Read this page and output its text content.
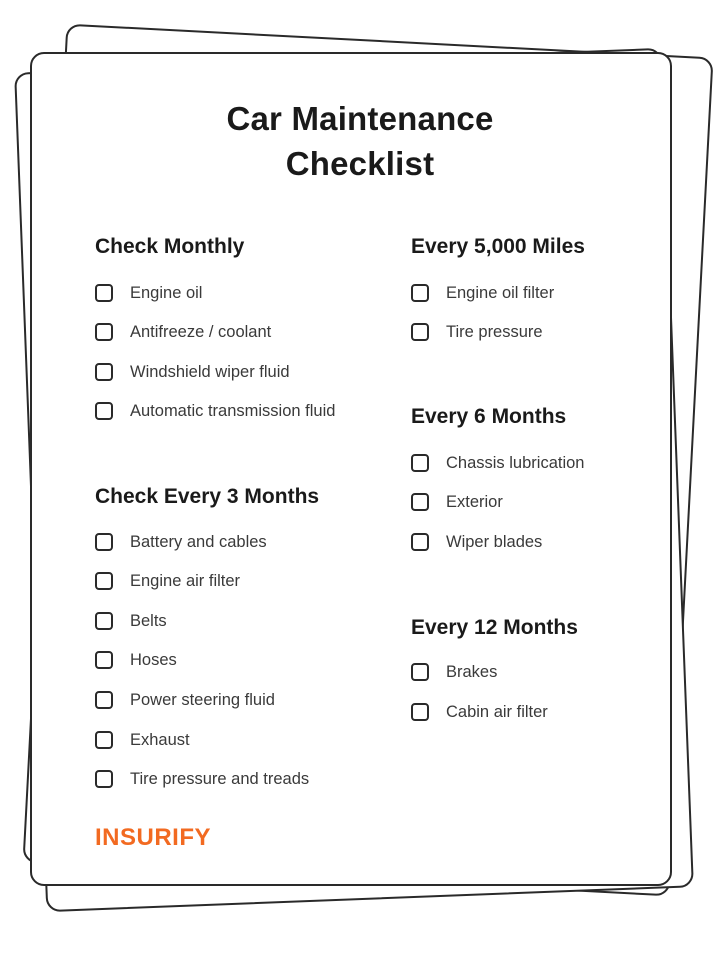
Car Maintenance
Checklist
Check Monthly
Engine oil
Antifreeze / coolant
Windshield wiper fluid
Automatic transmission fluid
Check Every 3 Months
Battery and cables
Engine air filter
Belts
Hoses
Power steering fluid
Exhaust
Tire pressure and treads
Every 5,000 Miles
Engine oil filter
Tire pressure
Every 6 Months
Chassis lubrication
Exterior
Wiper blades
Every 12 Months
Brakes
Cabin air filter
INSURIFY
